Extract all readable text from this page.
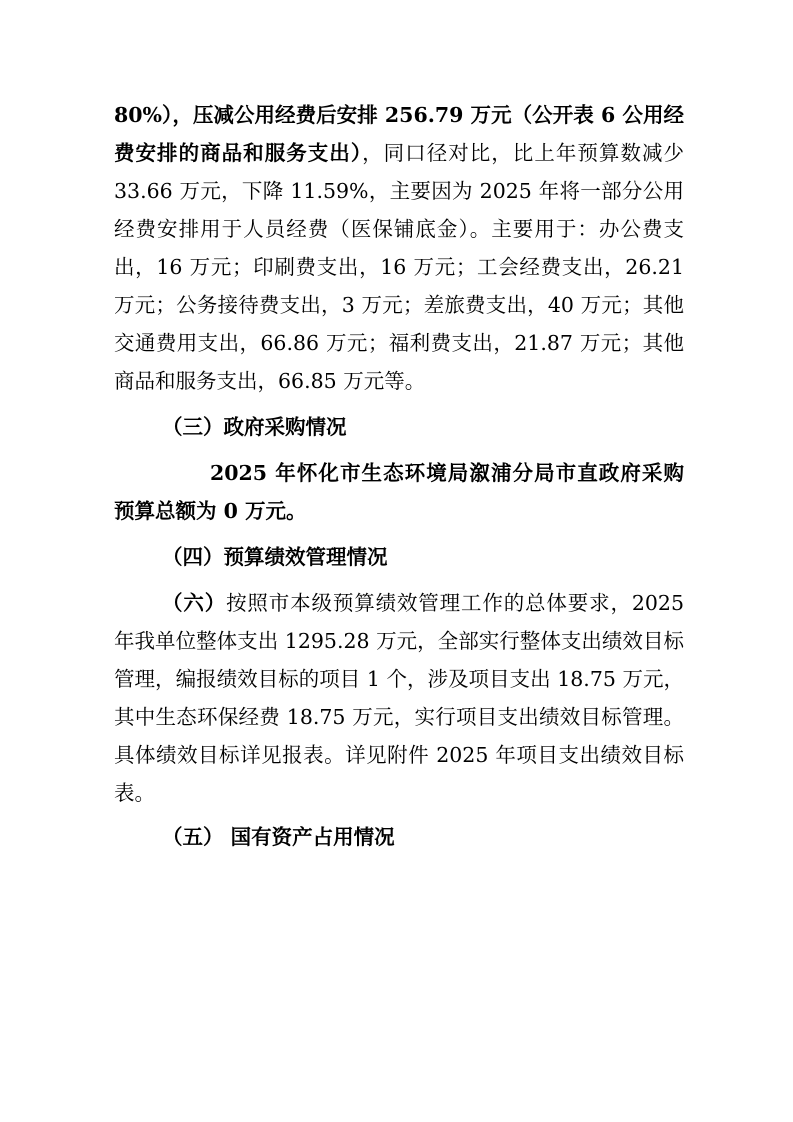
80%），压减公用经费后安排 256.79 万元（公开表 6 公用经费安排的商品和服务支出），同口径对比，比上年预算数减少 33.66 万元，下降 11.59%，主要因为 2025 年将一部分公用经费安排用于人员经费（医保铺底金）。主要用于：办公费支出，16 万元；印刷费支出，16 万元；工会经费支出，26.21 万元；公务接待费支出，3 万元；差旅费支出，40 万元；其他交通费用支出，66.86 万元；福利费支出，21.87 万元；其他商品和服务支出，66.85 万元等。

（三）政府采购情况

2025 年怀化市生态环境局溆浦分局市直政府采购预算总额为 0 万元。

（四）预算绩效管理情况

（六）按照市本级预算绩效管理工作的总体要求，2025 年我单位整体支出 1295.28 万元，全部实行整体支出绩效目标管理，编报绩效目标的项目 1 个，涉及项目支出 18.75 万元，其中生态环保经费 18.75 万元，实行项目支出绩效目标管理。具体绩效目标详见报表。详见附件 2025 年项目支出绩效目标表。

（五） 国有资产占用情况
